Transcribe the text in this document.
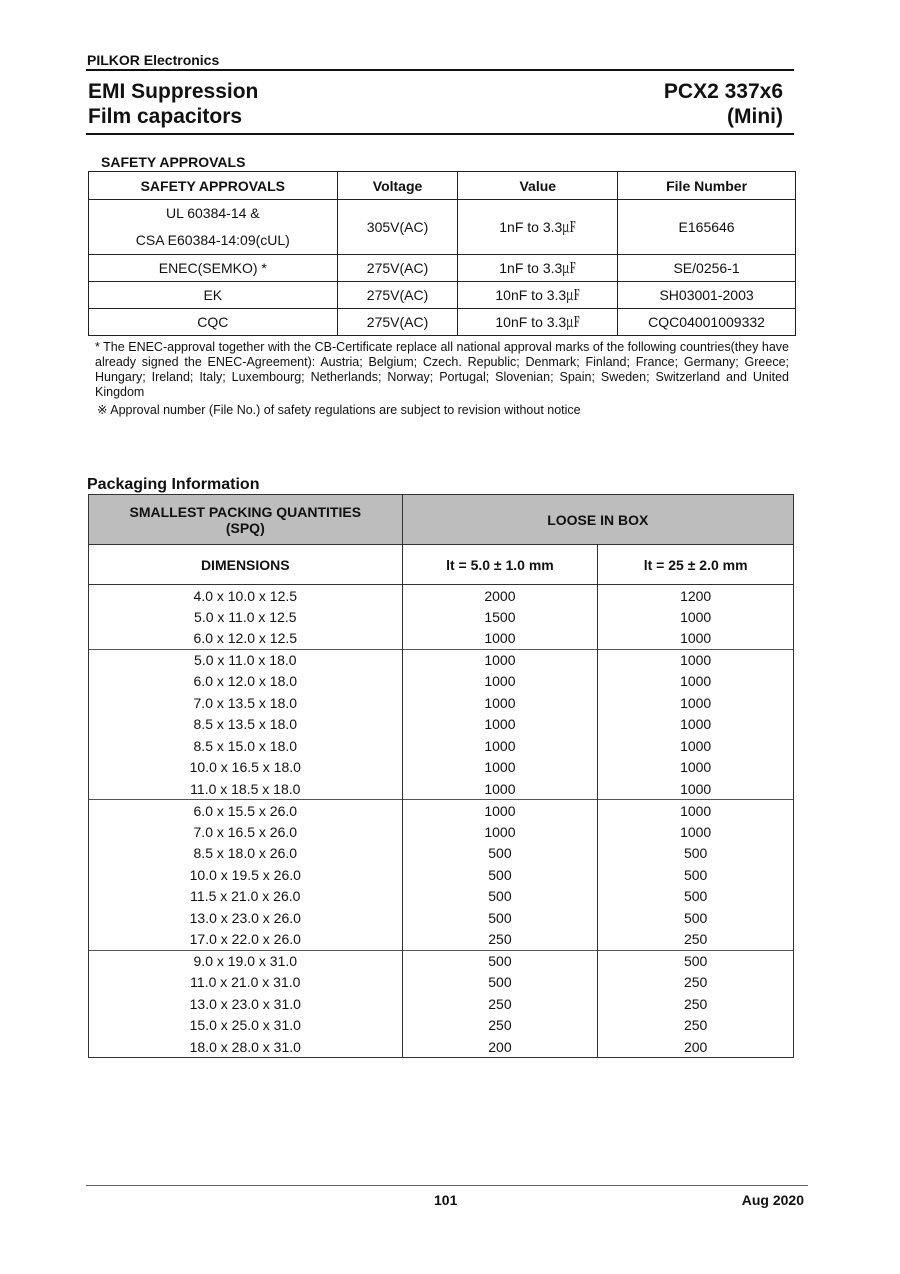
PILKOR Electronics
EMI Suppression
Film capacitors
PCX2 337x6
(Mini)
SAFETY APPROVALS
SAFETY APPROVALS	Voltage	Value	File Number

UL 60384-14 &
CSA E60384-14:09(cUL)	305V(AC)	1nF to 3.3㎌	E165646
ENEC(SEMKO) *	275V(AC)	1nF to 3.3㎌	SE/0256-1
EK	275V(AC)	10nF to 3.3㎌	SH03001-2003
CQC	275V(AC)	10nF to 3.3㎌	CQC04001009332
* The ENEC-approval together with the CB-Certificate replace all national approval marks of the following countries(they have already signed the ENEC-Agreement): Austria; Belgium; Czech. Republic; Denmark; Finland; France; Germany; Greece; Hungary; Ireland; Italy; Luxembourg; Netherlands; Norway; Portugal; Slovenian; Spain; Sweden; Switzerland and United Kingdom
※ Approval number (File No.) of safety regulations are subject to revision without notice
Packaging Information
SMALLEST PACKING QUANTITIES
(SPQ)	LOOSE IN BOX	
DIMENSIONS	lt = 5.0 ± 1.0 mm	lt = 25 ± 2.0 mm
4.0 x 10.0 x 12.5	2000	1200
5.0 x 11.0 x 12.5	1500	1000
6.0 x 12.0 x 12.5	1000	1000
5.0 x 11.0 x 18.0	1000	1000
6.0 x 12.0 x 18.0	1000	1000
7.0 x 13.5 x 18.0	1000	1000
8.5 x 13.5 x 18.0	1000	1000
8.5 x 15.0 x 18.0	1000	1000
10.0 x 16.5 x 18.0	1000	1000
11.0 x 18.5 x 18.0	1000	1000
6.0 x 15.5 x 26.0	1000	1000
7.0 x 16.5 x 26.0	1000	1000
8.5 x 18.0 x 26.0	500	500
10.0 x 19.5 x 26.0	500	500
11.5 x 21.0 x 26.0	500	500
13.0 x 23.0 x 26.0	500	500
17.0 x 22.0 x 26.0	250	250
9.0 x 19.0 x 31.0	500	500
11.0 x 21.0 x 31.0	500	250
13.0 x 23.0 x 31.0	250	250
15.0 x 25.0 x 31.0	250	250
18.0 x 28.0 x 31.0	200	200
101	Aug 2020
